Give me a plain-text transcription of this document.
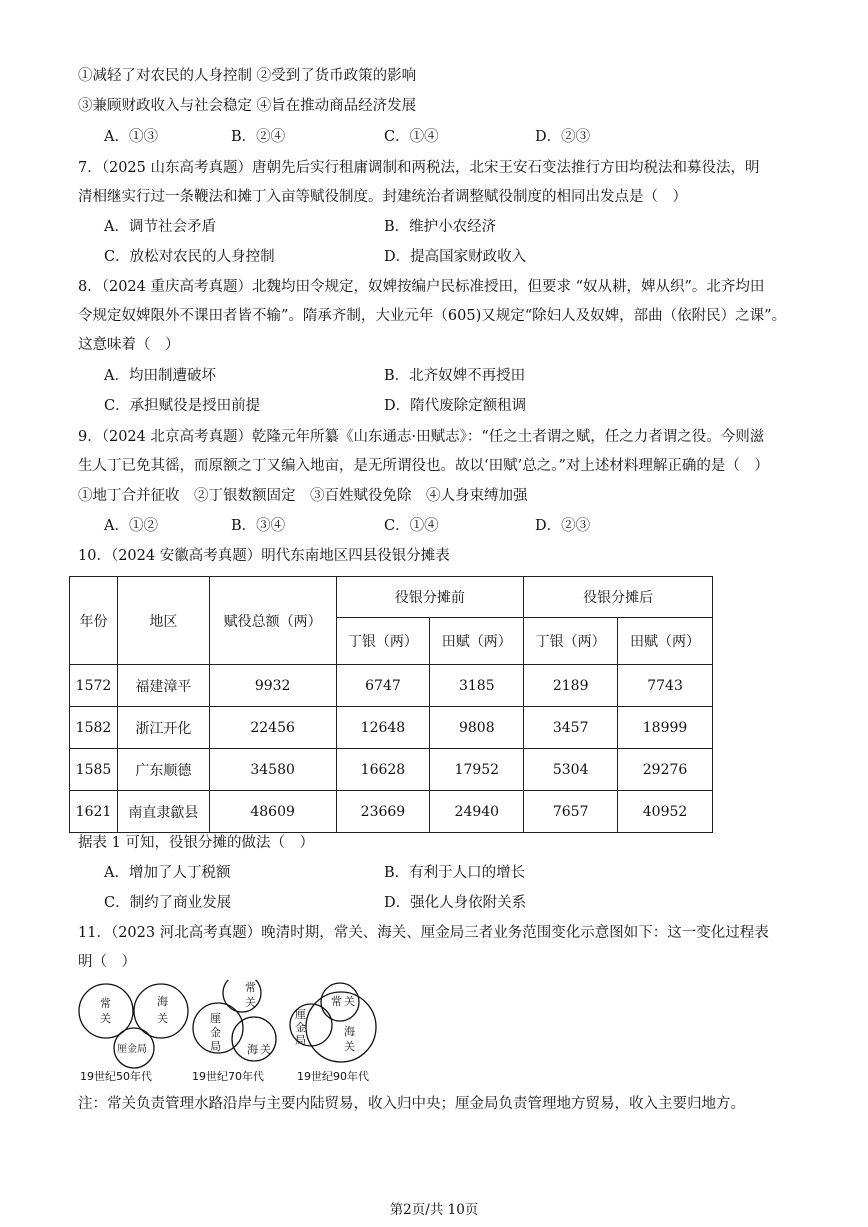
①减轻了对农民的人身控制 ②受到了货币政策的影响
③兼顾财政收入与社会稳定 ④旨在推动商品经济发展
A．①③	B．②④	C．①④	D．②③
7．（2025 山东高考真题）唐朝先后实行租庸调制和两税法，北宋王安石变法推行方田均税法和募役法，明
清相继实行过一条鞭法和摊丁入亩等赋役制度。封建统治者调整赋役制度的相同出发点是（　）
A．调节社会矛盾	B．维护小农经济
C．放松对农民的人身控制	D．提高国家财政收入
8．（2024 重庆高考真题）北魏均田令规定，奴婢按编户民标准授田，但要求 “奴从耕，婢从织”。北齐均田
令规定奴婢限外不课田者皆不输”。隋承齐制，大业元年（605)又规定“除妇人及奴婢，部曲（依附民）之课”。
这意味着（　）
A．均田制遭破坏	B．北齐奴婢不再授田
C．承担赋役是授田前提	D．隋代废除定额租调
9．（2024 北京高考真题）乾隆元年所纂《山东通志·田赋志》：“任之土者谓之赋，任之力者谓之役。今则滋
生人丁已免其徭，而原额之丁又编入地亩，是无所谓役也。故以‘田赋’总之。”对上述材料理解正确的是（　）
①地丁合并征收　②丁银数额固定　③百姓赋役免除　④人身束缚加强
A．①②	B．③④	C．①④	D．②③
10．（2024 安徽高考真题）明代东南地区四县役银分摊表
年份	地区	赋役总额（两）	役银分摊前		役银分摊后	
			丁银（两）	田赋（两）	丁银（两）	田赋（两）
1572	福建漳平	9932	6747	3185	2189	7743
1582	浙江开化	22456	12648	9808	3457	18999
1585	广东顺德	34580	16628	17952	5304	29276
1621	南直隶歙县	48609	23669	24940	7657	40952
据表 1 可知，役银分摊的做法（　）
A．增加了人丁税额	B．有利于人口的增长
C．制约了商业发展	D．强化人身依附关系
11．（2023 河北高考真题）晚清时期，常关、海关、厘金局三者业务范围变化示意图如下：这一变化过程表
明（　）
常
关
海
关
厘金局
常
关
厘
金
局 海 关
常 关
厘
金
局
海
关
19世纪50年代	19世纪70年代	19世纪90年代
注：常关负责管理水路沿岸与主要内陆贸易，收入归中央；厘金局负责管理地方贸易，收入主要归地方。
第2页/共 10页
